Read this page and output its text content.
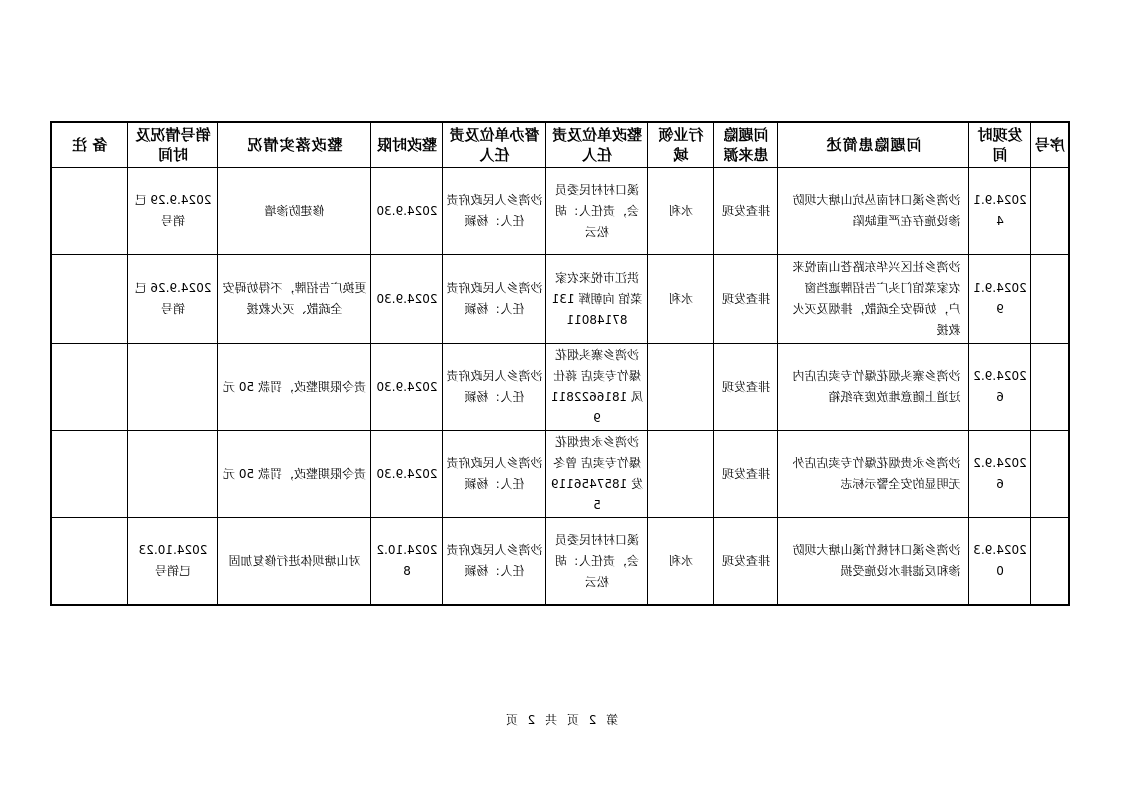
序号	发现时间	问题隐患简述	问题隐患来源	行业领域	整改单位及责任人	督办单位及责任人	整改时限	整改落实情况	销号情况及时间	备 注
	2024.9.14	沙湾乡溪口村南丛坑山塘大坝防渗设施存在严重缺陷	排查发现	水利	溪口村村民委员会，责任人：胡松云	沙湾乡人民政府责任人：杨颖	2024.9.30	修建防渗墙	2024.9.29 已销号	
	2024.9.19	沙湾乡社区兴华东路苍山南悦来农家菜馆门头广告招牌遮挡窗户，妨碍安全疏散，排烟及灭火救援	排查发现	水利	洪江市悦来农家菜馆 向朝辉 13187148011	沙湾乡人民政府责任人：杨颖	2024.9.30	更换广告招牌，不得妨碍安全疏散、灭火救援	2024.9.26 已销号	
	2024.9.26	沙湾乡寨头烟花爆竹专卖店店内过道上随意堆放废弃纸箱	排查发现		沙湾乡寨头烟花爆竹专卖店 蒋仕凤 18166228119	沙湾乡人民政府责任人：杨颖	2024.9.30	责令限期整改，罚款 50 元		
	2024.9.26	沙湾乡永贵烟花爆竹专卖店店外无明显的安全警示标志	排查发现		沙湾乡永贵烟花爆竹专卖店 曾冬发 18574561195	沙湾乡人民政府责任人：杨颖	2024.9.30	责令限期整改，罚款 50 元		
	2024.9.30	沙湾乡溪口村桃竹溪山塘大坝防渗和反滤排水设施受损	排查发现	水利	溪口村村民委员会，责任人：胡松云	沙湾乡人民政府责任人：杨颖	2024.10.28	对山塘坝体进行修复加固	2024.10.23 已销号	
第 2 页 共 2 页
